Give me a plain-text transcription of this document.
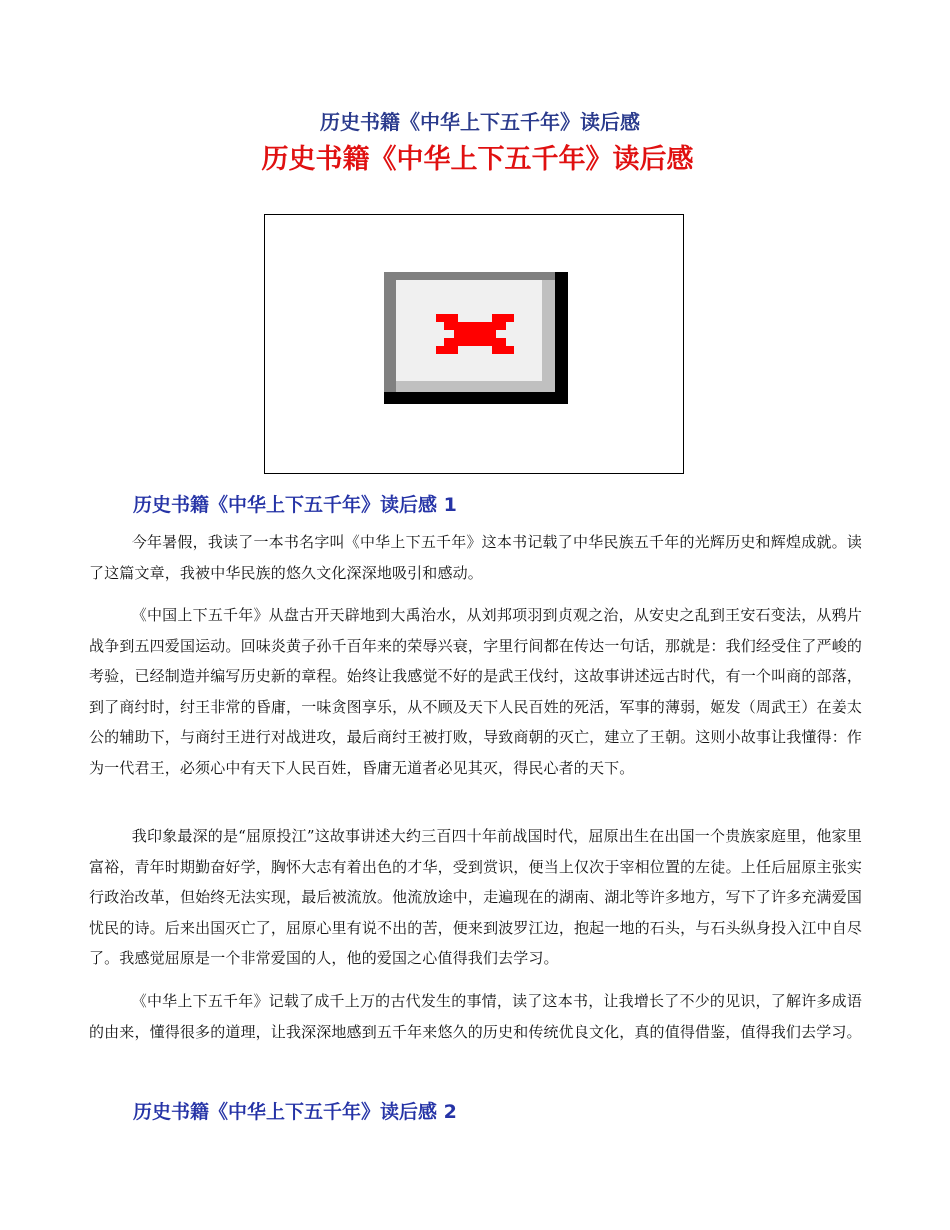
历史书籍《中华上下五千年》读后感
历史书籍《中华上下五千年》读后感
历史书籍《中华上下五千年》读后感 1

今年暑假，我读了一本书名字叫《中华上下五千年》这本书记载了中华民族五千年的光辉历史和辉煌成就。读了这篇文章，我被中华民族的悠久文化深深地吸引和感动。

《中国上下五千年》从盘古开天辟地到大禹治水，从刘邦项羽到贞观之治，从安史之乱到王安石变法，从鸦片战争到五四爱国运动。回味炎黄子孙千百年来的荣辱兴衰，字里行间都在传达一句话，那就是：我们经受住了严峻的考验，已经制造并编写历史新的章程。始终让我感觉不好的是武王伐纣，这故事讲述远古时代，有一个叫商的部落，到了商纣时，纣王非常的昏庸，一味贪图享乐，从不顾及天下人民百姓的死活，军事的薄弱，姬发（周武王）在姜太公的辅助下，与商纣王进行对战进攻，最后商纣王被打败，导致商朝的灭亡，建立了王朝。这则小故事让我懂得：作为一代君王，必须心中有天下人民百姓，昏庸无道者必见其灭，得民心者的天下。

我印象最深的是“屈原投江”这故事讲述大约三百四十年前战国时代，屈原出生在出国一个贵族家庭里，他家里富裕，青年时期勤奋好学，胸怀大志有着出色的才华，受到赏识，便当上仅次于宰相位置的左徒。上任后屈原主张实行政治改革，但始终无法实现，最后被流放。他流放途中，走遍现在的湖南、湖北等许多地方，写下了许多充满爱国忧民的诗。后来出国灭亡了，屈原心里有说不出的苦，便来到波罗江边，抱起一地的石头，与石头纵身投入江中自尽了。我感觉屈原是一个非常爱国的人，他的爱国之心值得我们去学习。

《中华上下五千年》记载了成千上万的古代发生的事情，读了这本书，让我增长了不少的见识，了解许多成语的由来，懂得很多的道理，让我深深地感到五千年来悠久的历史和传统优良文化，真的值得借鉴，值得我们去学习。

历史书籍《中华上下五千年》读后感 2
